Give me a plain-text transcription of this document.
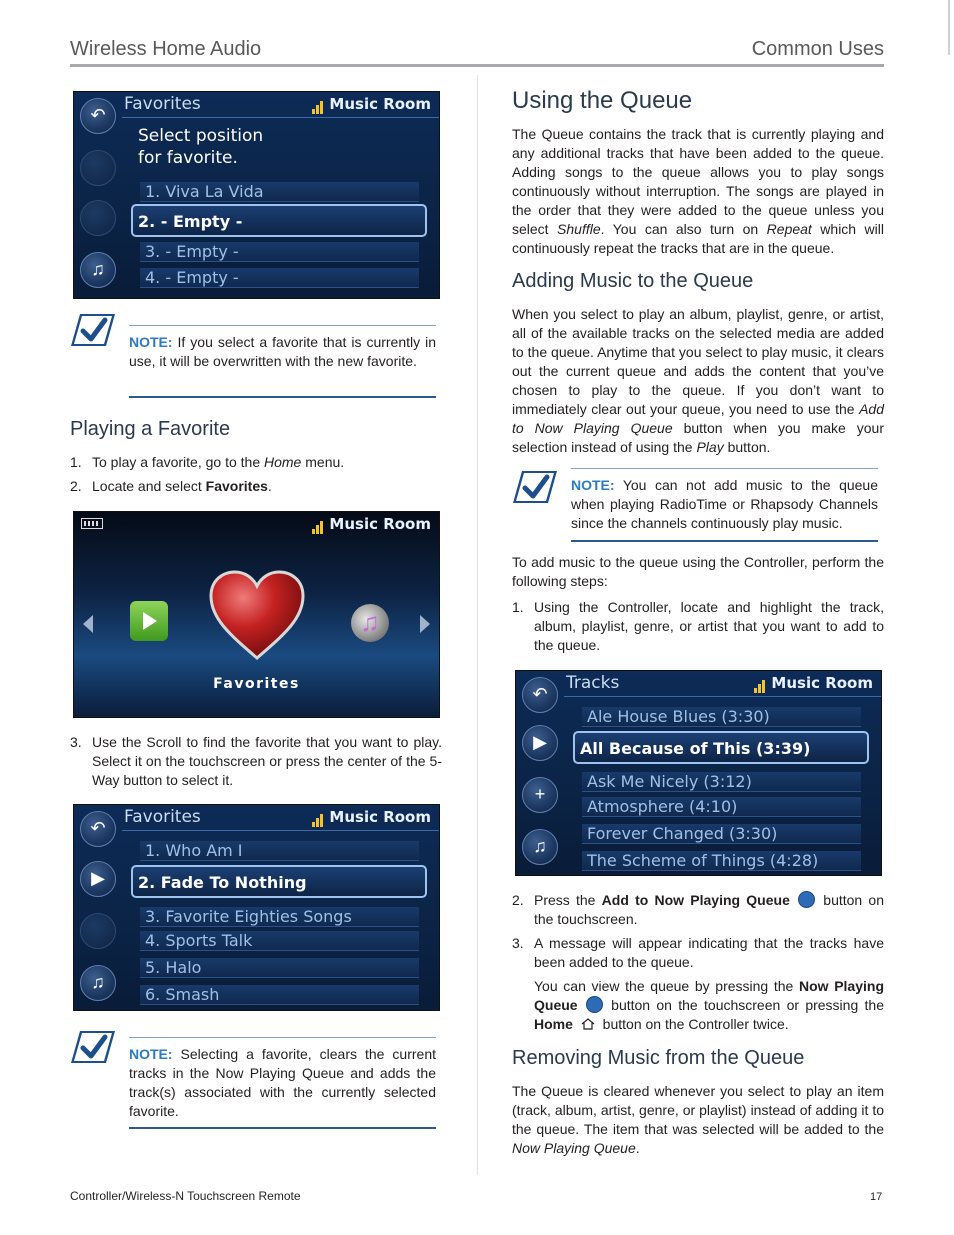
Wireless Home Audio	Common Uses
Favorites	Music Room
↶
♫
Select position
for favorite.
1. Viva La Vida
2. - Empty -
3. - Empty -
4. - Empty -
NOTE: If you select a favorite that is currently in use, it will be overwritten with the new favorite.
Playing a Favorite
1. To play a favorite, go to the Home menu.
2. Locate and select Favorites.
Music Room
♫
Favorites
3. Use the Scroll to find the favorite that you want to play. Select it on the touchscreen or press the center of the 5-Way button to select it.
Favorites	Music Room
↶
▶
♫
1. Who Am I
2. Fade To Nothing
3. Favorite Eighties Songs
4. Sports Talk
5. Halo
6. Smash
NOTE: Selecting a favorite, clears the current tracks in the Now Playing Queue and adds the track(s) associated with the currently selected favorite.
Using the Queue
The Queue contains the track that is currently playing and any additional tracks that have been added to the queue. Adding songs to the queue allows you to play songs continuously without interruption. The songs are played in the order that they were added to the queue unless you select Shuffle. You can also turn on Repeat which will continuously repeat the tracks that are in the queue.
Adding Music to the Queue
When you select to play an album, playlist, genre, or artist, all of the available tracks on the selected media are added to the queue. Anytime that you select to play music, it clears out the current queue and adds the content that you’ve chosen to play to the queue. If you don’t want to immediately clear out your queue, you need to use the Add to Now Playing Queue button when you make your selection instead of using the Play button.
NOTE: You can not add music to the queue when playing RadioTime or Rhapsody Channels since the channels continuously play music.
To add music to the queue using the Controller, perform the following steps:
1. Using the Controller, locate and highlight the track, album, playlist, genre, or artist that you want to add to the queue.
Tracks	Music Room
↶
▶
+
♫
Ale House Blues (3:30)
All Because of This (3:39)
Ask Me Nicely (3:12)
Atmosphere (4:10)
Forever Changed (3:30)
The Scheme of Things (4:28)
2. Press the Add to Now Playing Queue  button on the touchscreen.
3. A message will appear indicating that the tracks have been added to the queue.
You can view the queue by pressing the Now Playing Queue  button on the touchscreen or pressing the Home  button on the Controller twice.
Removing Music from the Queue
The Queue is cleared whenever you select to play an item (track, album, artist, genre, or playlist) instead of adding it to the queue. The item that was selected will be added to the Now Playing Queue.
Controller/Wireless-N Touchscreen Remote	17
